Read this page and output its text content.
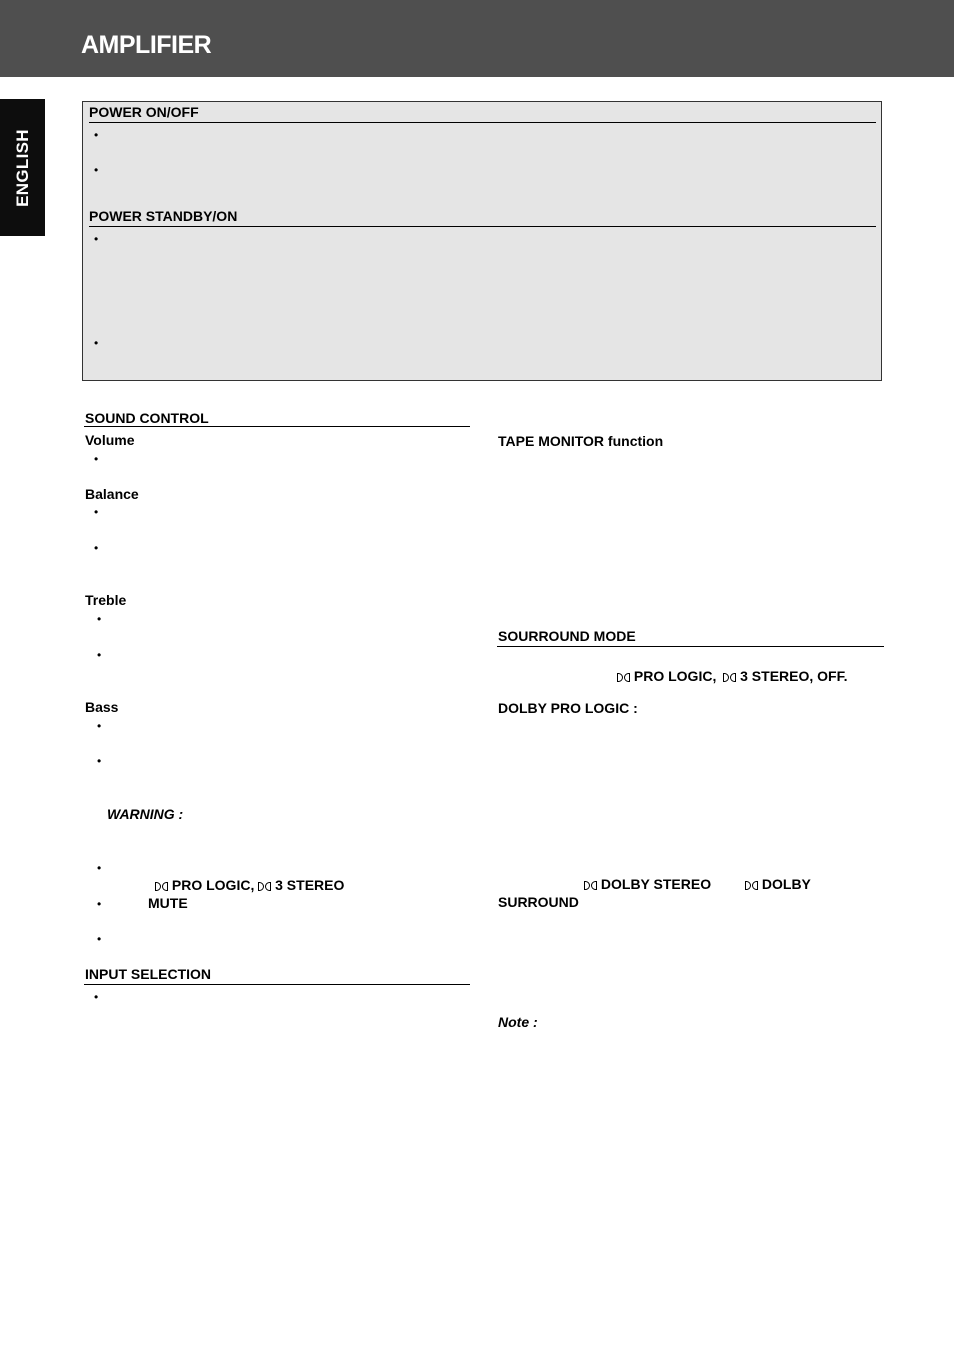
AMPLIFIER
ENGLISH
POWER ON/OFF
•
•
POWER STANDBY/ON
•
•
SOUND CONTROL
Volume
•
Balance
•
•
Treble
•
•
Bass
•
•
WARNING :
•
PRO LOGIC, 3 STEREO
•	MUTE
•
INPUT SELECTION
•
TAPE MONITOR function
SOURROUND MODE
PRO LOGIC, 3 STEREO, OFF.
DOLBY PRO LOGIC :
DOLBY STEREO	DOLBY
SURROUND
Note :
